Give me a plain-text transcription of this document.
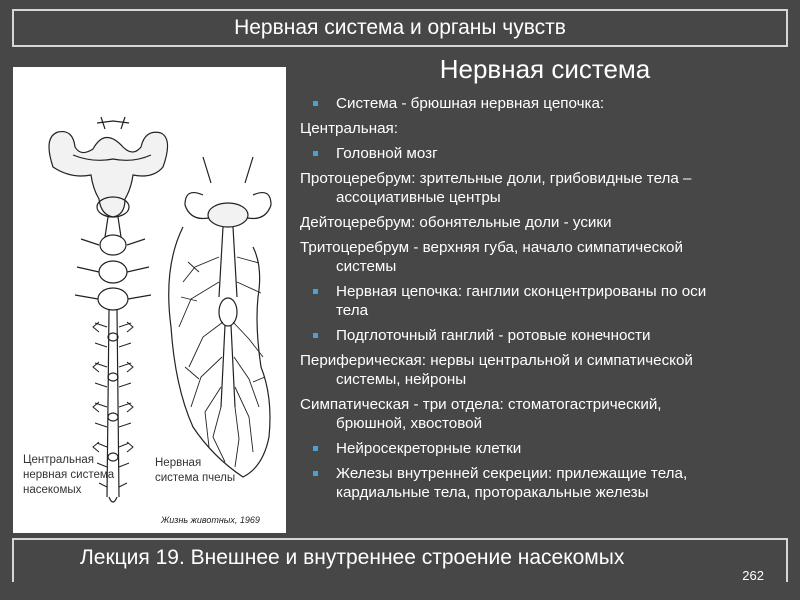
Нервная система и органы чувств
Центральная
нервная система
насекомых
Нервная
система пчелы
Жизнь животных, 1969
Нервная система
Система - брюшная нервная цепочка:
Центральная:
Головной мозг
Протоцеребрум: зрительные доли, грибовидные тела –
ассоциативные центры
Дейтоцеребрум: обонятельные доли - усики
Тритоцеребрум - верхняя губа, начало симпатической
системы
Нервная цепочка: ганглии сконцентрированы по оси
тела
Подглоточный ганглий - ротовые конечности
Периферическая: нервы центральной и симпатической
системы, нейроны
Симпатическая - три отдела: стоматогастрический,
брюшной, хвостовой
Нейросекреторные клетки
Железы внутренней секреции: прилежащие тела,
кардиальные тела, проторакальные железы
Лекция 19. Внешнее и внутреннее строение насекомых
262
